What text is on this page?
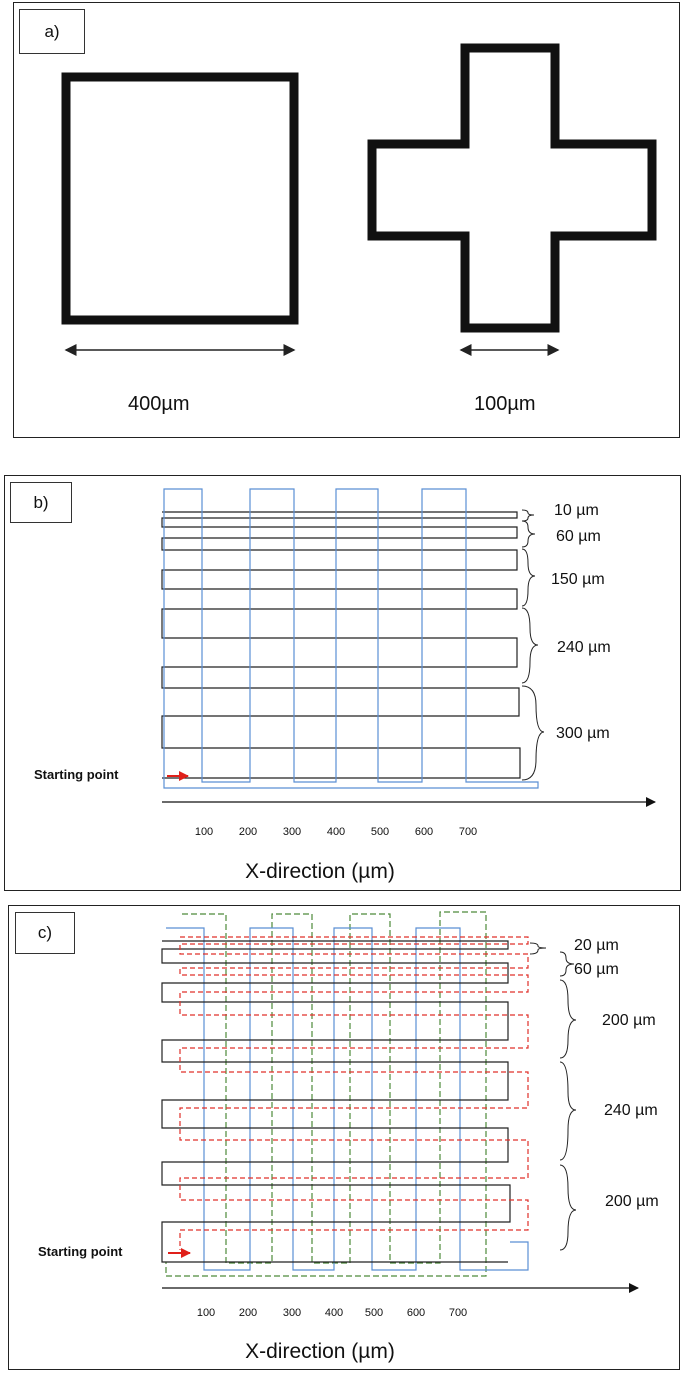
a)
400µm	100µm
b)
Starting point
10 µm
60 µm
150 µm
240 µm
300 µm
100 200 300 400 500 600 700
X-direction (µm)
c)
Starting point
20 µm
60 µm
200 µm
240 µm
200 µm
100 200 300 400 500 600 700
X-direction (µm)
